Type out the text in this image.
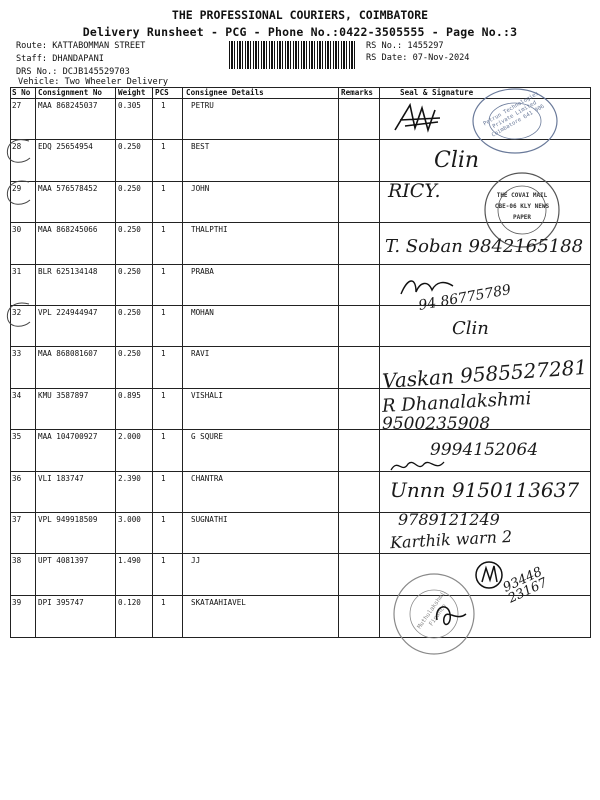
THE PROFESSIONAL COURIERS, COIMBATORE
Delivery Runsheet - PCG - Phone No.:0422-3505555 - Page No.:3
Route: KATTABOMMAN STREET
Staff: DHANDAPANI
DRS No.: DCJB145529703
Vehicle: Two Wheeler Delivery
RS No.: 1455297
RS Date: 07-Nov-2024
S No Consignment No Weight PCS Consignee Details	Remarks	Seal & Signature
27 MAA 868245037	0.305	1	PETRU
28 EDQ 25654954	0.250	1	BEST
29 MAA 576578452	0.250	1	JOHN
30 MAA 868245066	0.250	1	THALPTHI
31 BLR 625134148	0.250	1	PRABA
32 VPL 224944947	0.250	1	MOHAN
33 MAA 868081607	0.250	1	RAVI
34 KMU 3587897	0.895	1	VISHALI
35 MAA 104700927	2.000	1	G SQURE
36 VLI 183747	2.390	1	CHANTRA
37 VPL 949918509	3.000	1	SUGNATHI
38 UPT 4081397	1.490	1	JJ
39 DPI 395747	0.120	1	SKATAAHIAVEL
Petrun Technologies Private Limited Coimbatore 641 006
THE COVAI MAIL CBE-06 KLY NEWS PAPER
Muthulakshmi Finance
Clin
RICY.
T. Soban 9842165188
94 86775789
Clin
Vaskan 9585527281
R Dhanalakshmi
9500235908
9994152064
Unnn 9150113637
9789121249
Karthik warn 2
93448 23167
